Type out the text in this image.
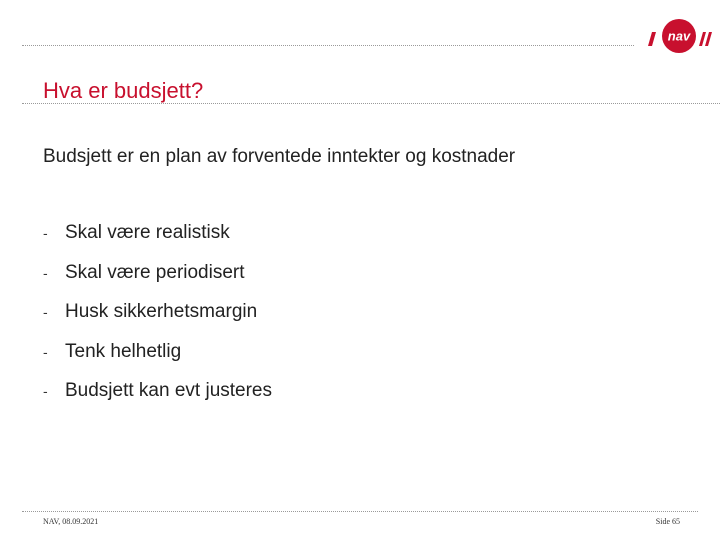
nav
Hva er budsjett?
Budsjett er en plan av forventede inntekter og kostnader
- Skal være realistisk
- Skal være periodisert
- Husk sikkerhetsmargin
- Tenk helhetlig
- Budsjett kan evt justeres
NAV, 08.09.2021	Side 65
